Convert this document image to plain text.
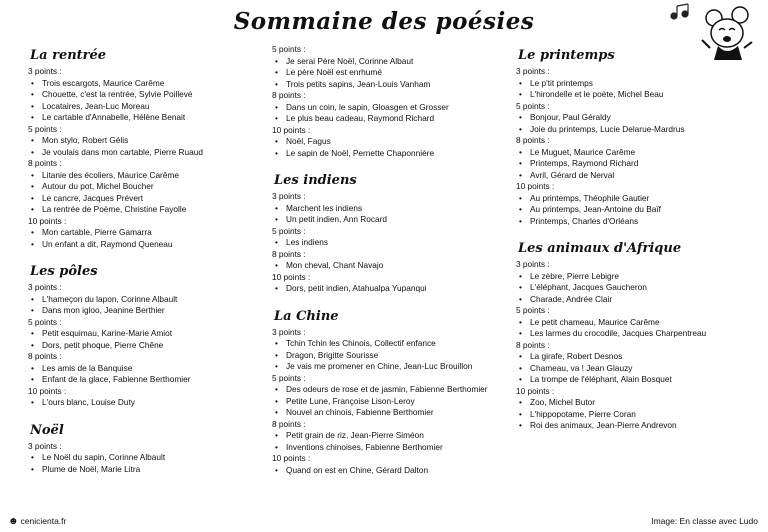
Sommaine des poésies
La rentrée
3 points :
• Trois escargots, Maurice Carême
• Chouette, c'est la rentrée, Sylvie Poillevé
• Locataires, Jean-Luc Moreau
• Le cartable d'Annabelle, Hélène Benait
5 points :
• Mon stylo, Robert Gélis
• Je voulais dans mon cartable, Pierre Ruaud
8 points :
• Litanie des écoliers, Maurice Carême
• Autour du pot, Michel Boucher
• Le cancre, Jacques Prévert
• La rentrée de Poème, Christine Fayolle
10 points :
• Mon cartable, Pierre Gamarra
• Un enfant a dit, Raymond Queneau
Les pôles
3 points :
• L'hameçon du lapon, Corinne Albault
• Dans mon igloo, Jeanine Berthier
5 points :
• Petit esquimau, Karine-Marie Amiot
• Dors, petit phoque, Pierre Chêne
8 points :
• Les amis de la Banquise
• Enfant de la glace, Fabienne Berthomier
10 points :
• L'ours blanc, Louise Duty
Noël
3 points :
• Le Noël du sapin, Corinne Albault
• Plume de Noël, Marie Litra
5 points :
• Je serai Père Noël, Corinne Albaut
• Le père Noël est enrhumé
• Trois petits sapins, Jean-Louis Vanham
8 points :
• Dans un coin, le sapin, Gloasgen et Grosser
• Le plus beau cadeau, Raymond Richard
10 points :
• Noël, Fagus
• Le sapin de Noël, Pernette Chaponnière
Les indiens
3 points :
• Marchent les indiens
• Un petit indien, Ann Rocard
5 points :
• Les indiens
8 points :
• Mon cheval, Chant Navajo
10 points :
• Dors, petit indien, Atahualpa Yupanqui
La Chine
3 points :
• Tchin Tchin les Chinois, Collectif enfance
• Dragon, Brigitte Sourisse
• Je vais me promener en Chine, Jean-Luc Brouillon
5 points :
• Des odeurs de rose et de jasmin, Fabienne Berthomier
• Petite Lune, Françoise Lison-Leroy
• Nouvel an chinois, Fabienne Berthomier
8 points :
• Petit grain de riz, Jean-Pierre Siméon
• Inventions chinoises, Fabienne Berthomier
10 points :
• Quand on est en Chine, Gérard Dalton
Le printemps
3 points :
• Le p'tit printemps
• L'hirondelle et le poète, Michel Beau
5 points :
• Bonjour, Paul Géraldy
• Joie du printemps, Lucie Delarue-Mardrus
8 points :
• Le Muguet, Maurice Carême
• Printemps, Raymond Richard
• Avril, Gérard de Nerval
10 points :
• Au printemps, Théophile Gautier
• Au printemps, Jean-Antoine du Baïf
• Printemps, Charles d'Orléans
Les animaux d'Afrique
3 points :
• Le zèbre, Pierre Lebigre
• L'éléphant, Jacques Gaucheron
• Charade, Andrée Clair
5 points :
• Le petit chameau, Maurice Carême
• Les larmes du crocodile, Jacques Charpentreau
8 points :
• La girafe, Robert Desnos
• Chameau, va ! Jean Glauzy
• La trompe de l'éléphant, Alain Bosquet
10 points :
• Zoo, Michel Butor
• L'hippopotame, Pierre Coran
• Roi des animaux, Jean-Pierre Andrevon
☻ cenicienta.fr	Image: En classe avec Ludo
